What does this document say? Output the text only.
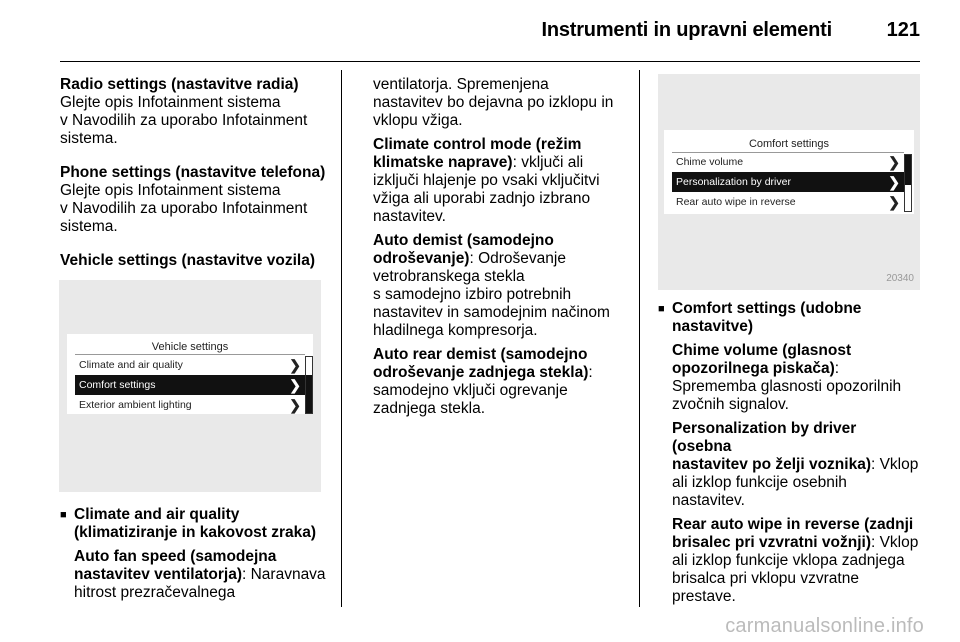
Instrumenti in upravni elementi	121

Radio settings (nastavitve radia)

Glejte opis Infotainment sistema

v Navodilih za uporabo Infotainment

sistema.

Phone settings (nastavitve telefona)

Glejte opis Infotainment sistema

v Navodilih za uporabo Infotainment

sistema.

Vehicle settings (nastavitve vozila)

Vehicle settings
Climate and air quality	❯
Comfort settings	❯
Exterior ambient lighting	❯
■ Climate and air quality

(klimatiziranje in kakovost zraka)

Auto fan speed (samodejna

nastavitev ventilatorja): Naravnava

hitrost prezračevalnega

ventilatorja. Spremenjena

nastavitev bo dejavna po izklopu in

vklopu vžiga.

Climate control mode (režim

klimatske naprave): vključi ali

izključi hlajenje po vsaki vključitvi

vžiga ali uporabi zadnjo izbrano

nastavitev.

Auto demist (samodejno

odroševanje): Odroševanje

vetrobranskega stekla

s samodejno izbiro potrebnih

nastavitev in samodejnim načinom

hladilnega kompresorja.

Auto rear demist (samodejno

odroševanje zadnjega stekla):

samodejno vključi ogrevanje

zadnjega stekla.

Comfort settings
Chime volume	❯
Personalization by driver	❯
Rear auto wipe in reverse	❯
20340
■ Comfort settings (udobne

nastavitve)

Chime volume (glasnost

opozorilnega piskača):

Sprememba glasnosti opozorilnih

zvočnih signalov.

Personalization by driver (osebna

nastavitev po želji voznika): Vklop

ali izklop funkcije osebnih

nastavitev.

Rear auto wipe in reverse (zadnji

brisalec pri vzvratni vožnji): Vklop

ali izklop funkcije vklopa zadnjega

brisalca pri vklopu vzvratne

prestave.

carmanualsonline.info
